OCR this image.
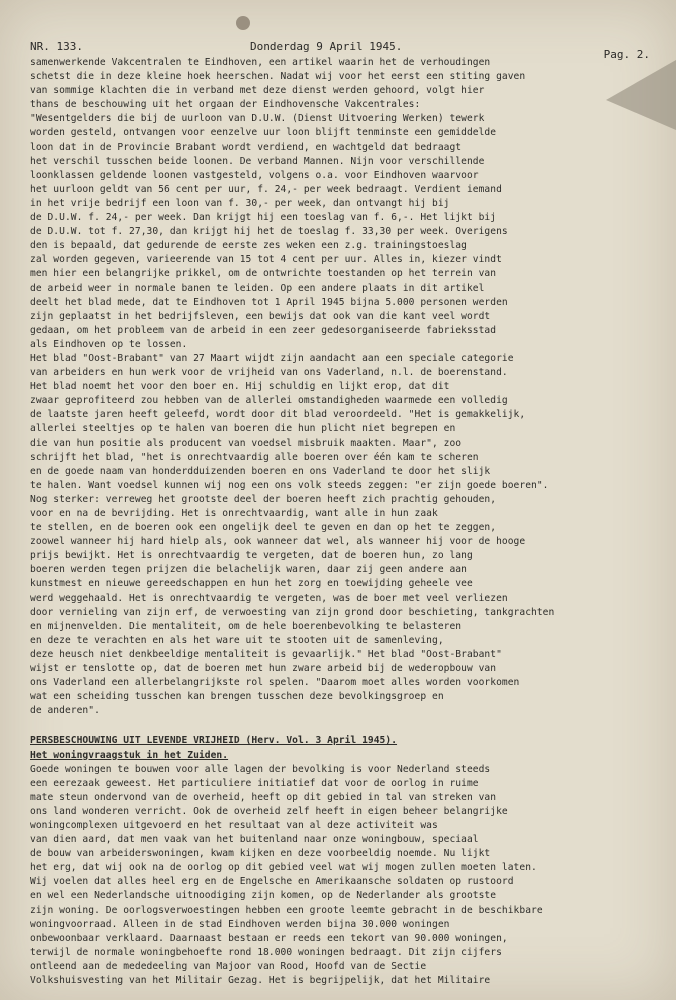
NR. 133.	Donderdag 9 April 1945.
Pag. 2.

samenwerkende Vakcentralen te Eindhoven, een artikel waarin het de verhoudingen

schetst die in deze kleine hoek heerschen. Nadat wij voor het eerst een stiting gaven

van sommige klachten die in verband met deze dienst werden gehoord, volgt hier

thans de beschouwing uit het orgaan der Eindhovensche Vakcentrales:

"Wesentgelders die bij de uurloon van D.U.W. (Dienst Uitvoering Werken) tewerk

worden gesteld, ontvangen voor eenzelve uur loon blijft tenminste een gemiddelde

loon dat in de Provincie Brabant wordt verdiend, en wachtgeld dat bedraagt

het verschil tusschen beide loonen. De verband Mannen. Nijn voor verschillende

loonklassen geldende loonen vastgesteld, volgens o.a. voor Eindhoven waarvoor

het uurloon geldt van 56 cent per uur, f. 24,- per week bedraagt. Verdient iemand

in het vrije bedrijf een loon van f. 30,- per week, dan ontvangt hij bij

de D.U.W. f. 24,- per week. Dan krijgt hij een toeslag van f. 6,-. Het lijkt bij

de D.U.W. tot f. 27,30, dan krijgt hij het de toeslag f. 33,30 per week. Overigens

den is bepaald, dat gedurende de eerste zes weken een z.g. trainingstoeslag

zal worden gegeven, varieerende van 15 tot 4 cent per uur. Alles in, kiezer vindt

men hier een belangrijke prikkel, om de ontwrichte toestanden op het terrein van

de arbeid weer in normale banen te leiden. Op een andere plaats in dit artikel

deelt het blad mede, dat te Eindhoven tot 1 April 1945 bijna 5.000 personen werden

zijn geplaatst in het bedrijfsleven, een bewijs dat ook van die kant veel wordt

gedaan, om het probleem van de arbeid in een zeer gedesorganiseerde fabrieksstad

als Eindhoven op te lossen.

Het blad "Oost-Brabant" van 27 Maart wijdt zijn aandacht aan een speciale categorie

van arbeiders en hun werk voor de vrijheid van ons Vaderland, n.l. de boerenstand.

Het blad noemt het voor den boer en. Hij schuldig en lijkt erop, dat dit

zwaar geprofiteerd zou hebben van de allerlei omstandigheden waarmede een volledig

de laatste jaren heeft geleefd, wordt door dit blad veroordeeld. "Het is gemakkelijk,

allerlei steeltjes op te halen van boeren die hun plicht niet begrepen en

die van hun positie als producent van voedsel misbruik maakten. Maar", zoo

schrijft het blad, "het is onrechtvaardig alle boeren over één kam te scheren

en de goede naam van honderdduizenden boeren en ons Vaderland te door het slijk

te halen. Want voedsel kunnen wij nog een ons volk steeds zeggen: "er zijn goede boeren".

Nog sterker: verreweg het grootste deel der boeren heeft zich prachtig gehouden,

voor en na de bevrijding. Het is onrechtvaardig, want alle in hun zaak

te stellen, en de boeren ook een ongelijk deel te geven en dan op het te zeggen,

zoowel wanneer hij hard hielp als, ook wanneer dat wel, als wanneer hij voor de hooge

prijs bewijkt. Het is onrechtvaardig te vergeten, dat de boeren hun, zo lang

boeren werden tegen prijzen die belachelijk waren, daar zij geen andere aan

kunstmest en nieuwe gereedschappen en hun het zorg en toewijding geheele vee

werd weggehaald. Het is onrechtvaardig te vergeten, was de boer met veel verliezen

door vernieling van zijn erf, de verwoesting van zijn grond door beschieting, tankgrachten

en mijnenvelden. Die mentaliteit, om de hele boerenbevolking te belasteren

en deze te verachten en als het ware uit te stooten uit de samenleving,

deze heusch niet denkbeeldige mentaliteit is gevaarlijk." Het blad "Oost-Brabant"

wijst er tenslotte op, dat de boeren met hun zware arbeid bij de wederopbouw van

ons Vaderland een allerbelangrijkste rol spelen. "Daarom moet alles worden voorkomen

wat een scheiding tusschen kan brengen tusschen deze bevolkingsgroep en

de anderen".

PERSBESCHOUWING UIT LEVENDE VRIJHEID (Herv. Vol. 3 April 1945).

Het woningvraagstuk in het Zuiden.

Goede woningen te bouwen voor alle lagen der bevolking is voor Nederland steeds

een eerezaak geweest. Het particuliere initiatief dat voor de oorlog in ruime

mate steun ondervond van de overheid, heeft op dit gebied in tal van streken van

ons land wonderen verricht. Ook de overheid zelf heeft in eigen beheer belangrijke

woningcomplexen uitgevoerd en het resultaat van al deze activiteit was

van dien aard, dat men vaak van het buitenland naar onze woningbouw, speciaal

de bouw van arbeiderswoningen, kwam kijken en deze voorbeeldig noemde. Nu lijkt

het erg, dat wij ook na de oorlog op dit gebied veel wat wij mogen zullen moeten laten.

Wij voelen dat alles heel erg en de Engelsche en Amerikaansche soldaten op rustoord

en wel een Nederlandsche uitnoodiging zijn komen, op de Nederlander als grootste

zijn woning. De oorlogsverwoestingen hebben een groote leemte gebracht in de beschikbare

woningvoorraad. Alleen in de stad Eindhoven werden bijna 30.000 woningen

onbewoonbaar verklaard. Daarnaast bestaan er reeds een tekort van 90.000 woningen,

terwijl de normale woningbehoefte rond 18.000 woningen bedraagt. Dit zijn cijfers

ontleend aan de mededeeling van Majoor van Rood, Hoofd van de Sectie

Volkshuisvesting van het Militair Gezag. Het is begrijpelijk, dat het Militaire
